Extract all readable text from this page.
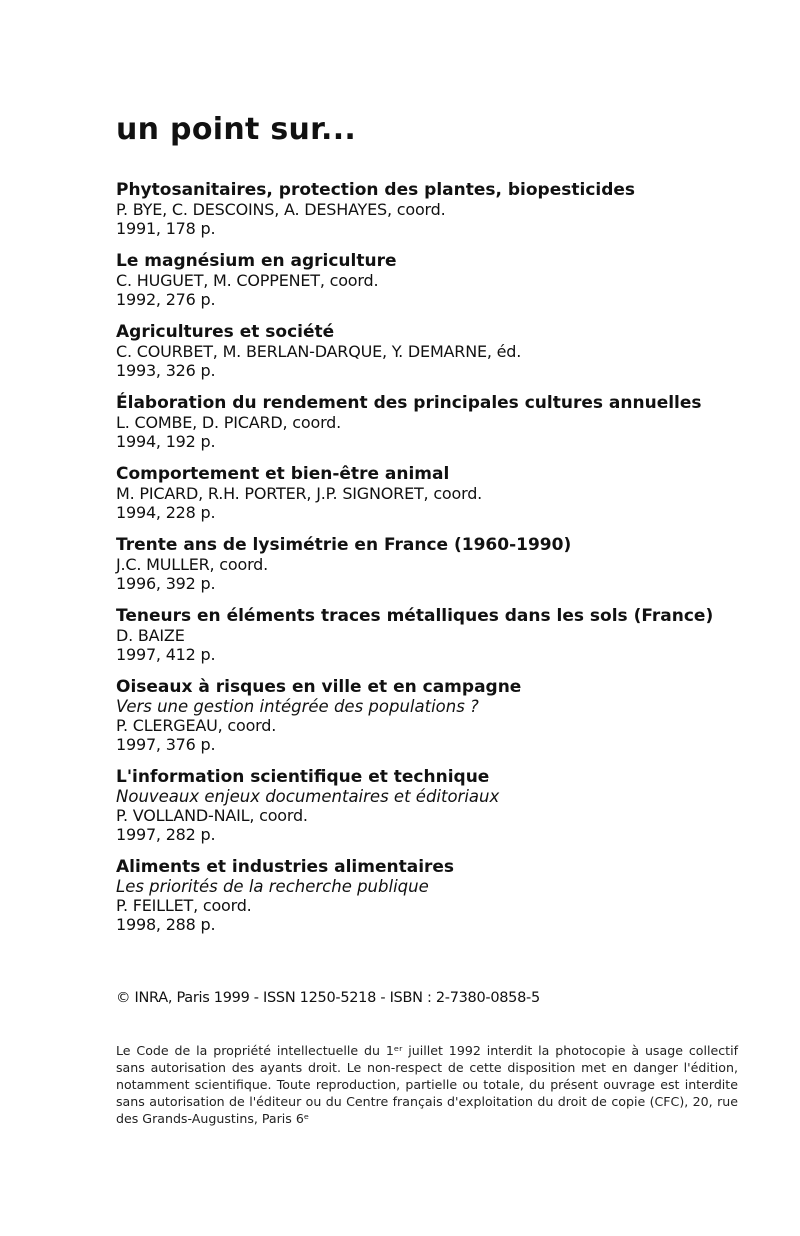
un point sur...
Phytosanitaires, protection des plantes, biopesticides
P. BYE, C. DESCOINS, A. DESHAYES, coord.
1991, 178 p.
Le magnésium en agriculture
C. HUGUET, M. COPPENET, coord.
1992, 276 p.
Agricultures et société
C. COURBET, M. BERLAN-DARQUE, Y. DEMARNE, éd.
1993, 326 p.
Élaboration du rendement des principales cultures annuelles
L. COMBE, D. PICARD, coord.
1994, 192 p.
Comportement et bien-être animal
M. PICARD, R.H. PORTER, J.P. SIGNORET, coord.
1994, 228 p.
Trente ans de lysimétrie en France (1960-1990)
J.C. MULLER, coord.
1996, 392 p.
Teneurs en éléments traces métalliques dans les sols (France)
D. BAIZE
1997, 412 p.
Oiseaux à risques en ville et en campagne
Vers une gestion intégrée des populations ?
P. CLERGEAU, coord.
1997, 376 p.
L'information scientifique et technique
Nouveaux enjeux documentaires et éditoriaux
P. VOLLAND-NAIL, coord.
1997, 282 p.
Aliments et industries alimentaires
Les priorités de la recherche publique
P. FEILLET, coord.
1998, 288 p.

© INRA, Paris 1999 - ISSN 1250-5218 - ISBN : 2-7380-0858-5

Le Code de la propriété intellectuelle du 1ᵉʳ juillet 1992 interdit la photocopie à usage collectif sans autorisation des ayants droit. Le non-respect de cette disposition met en danger l'édition, notamment scientifique. Toute reproduction, partielle ou totale, du présent ouvrage est interdite sans autorisation de l'éditeur ou du Centre français d'exploitation du droit de copie (CFC), 20, rue des Grands-Augustins, Paris 6ᵉ
